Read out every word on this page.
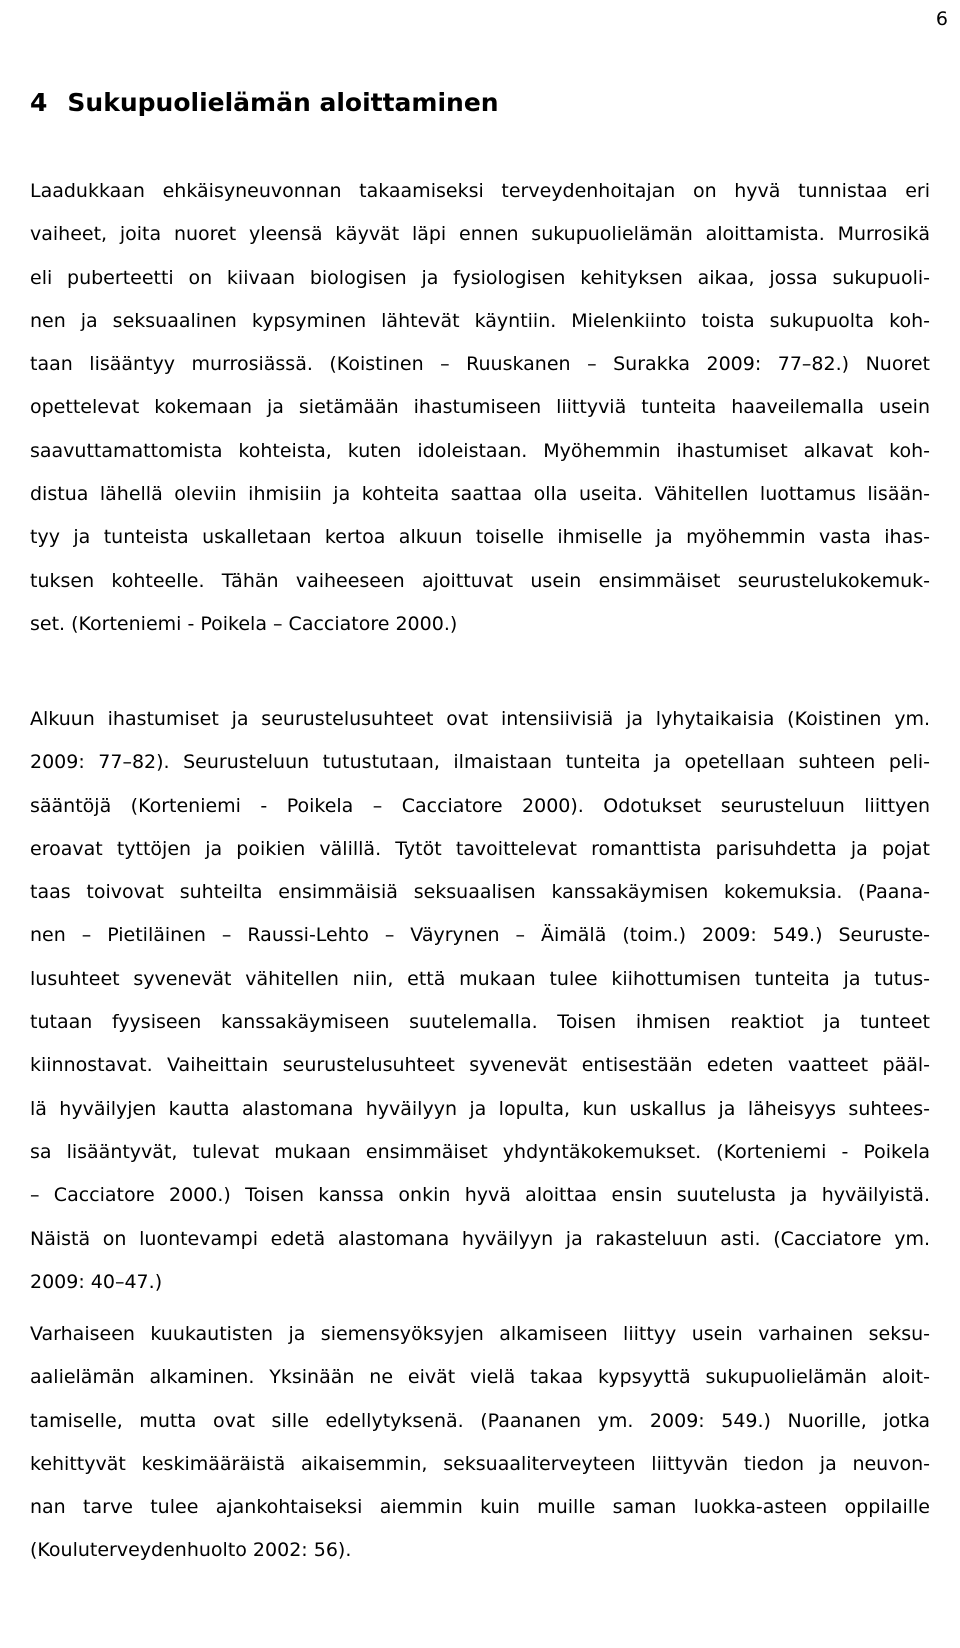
6
4 Sukupuolielämän aloittaminen
Laadukkaan ehkäisyneuvonnan takaamiseksi terveydenhoitajan on hyvä tunnistaa eri
vaiheet, joita nuoret yleensä käyvät läpi ennen sukupuolielämän aloittamista. Murrosikä
eli puberteetti on kiivaan biologisen ja fysiologisen kehityksen aikaa, jossa sukupuoli-
nen ja seksuaalinen kypsyminen lähtevät käyntiin. Mielenkiinto toista sukupuolta koh-
taan lisääntyy murrosiässä. (Koistinen – Ruuskanen – Surakka 2009: 77–82.) Nuoret
opettelevat kokemaan ja sietämään ihastumiseen liittyviä tunteita haaveilemalla usein
saavuttamattomista kohteista, kuten idoleistaan. Myöhemmin ihastumiset alkavat koh-
distua lähellä oleviin ihmisiin ja kohteita saattaa olla useita. Vähitellen luottamus lisään-
tyy ja tunteista uskalletaan kertoa alkuun toiselle ihmiselle ja myöhemmin vasta ihas-
tuksen kohteelle. Tähän vaiheeseen ajoittuvat usein ensimmäiset seurustelukokemuk-
set. (Korteniemi - Poikela – Cacciatore 2000.)
Alkuun ihastumiset ja seurustelusuhteet ovat intensiivisiä ja lyhytaikaisia (Koistinen ym.
2009: 77–82). Seurusteluun tutustutaan, ilmaistaan tunteita ja opetellaan suhteen peli-
sääntöjä (Korteniemi - Poikela – Cacciatore 2000). Odotukset seurusteluun liittyen
eroavat tyttöjen ja poikien välillä. Tytöt tavoittelevat romanttista parisuhdetta ja pojat
taas toivovat suhteilta ensimmäisiä seksuaalisen kanssakäymisen kokemuksia. (Paana-
nen – Pietiläinen – Raussi-Lehto – Väyrynen – Äimälä (toim.) 2009: 549.) Seuruste-
lusuhteet syvenevät vähitellen niin, että mukaan tulee kiihottumisen tunteita ja tutus-
tutaan fyysiseen kanssakäymiseen suutelemalla. Toisen ihmisen reaktiot ja tunteet
kiinnostavat. Vaiheittain seurustelusuhteet syvenevät entisestään edeten vaatteet pääl-
lä hyväilyjen kautta alastomana hyväilyyn ja lopulta, kun uskallus ja läheisyys suhtees-
sa lisääntyvät, tulevat mukaan ensimmäiset yhdyntäkokemukset. (Korteniemi - Poikela
– Cacciatore 2000.) Toisen kanssa onkin hyvä aloittaa ensin suutelusta ja hyväilyistä.
Näistä on luontevampi edetä alastomana hyväilyyn ja rakasteluun asti. (Cacciatore ym.
2009: 40–47.)
Varhaiseen kuukautisten ja siemensyöksyjen alkamiseen liittyy usein varhainen seksu-
aalielämän alkaminen. Yksinään ne eivät vielä takaa kypsyyttä sukupuolielämän aloit-
tamiselle, mutta ovat sille edellytyksenä. (Paananen ym. 2009: 549.) Nuorille, jotka
kehittyvät keskimääräistä aikaisemmin, seksuaaliterveyteen liittyvän tiedon ja neuvon-
nan tarve tulee ajankohtaiseksi aiemmin kuin muille saman luokka-asteen oppilaille
(Kouluterveydenhuolto 2002: 56).
